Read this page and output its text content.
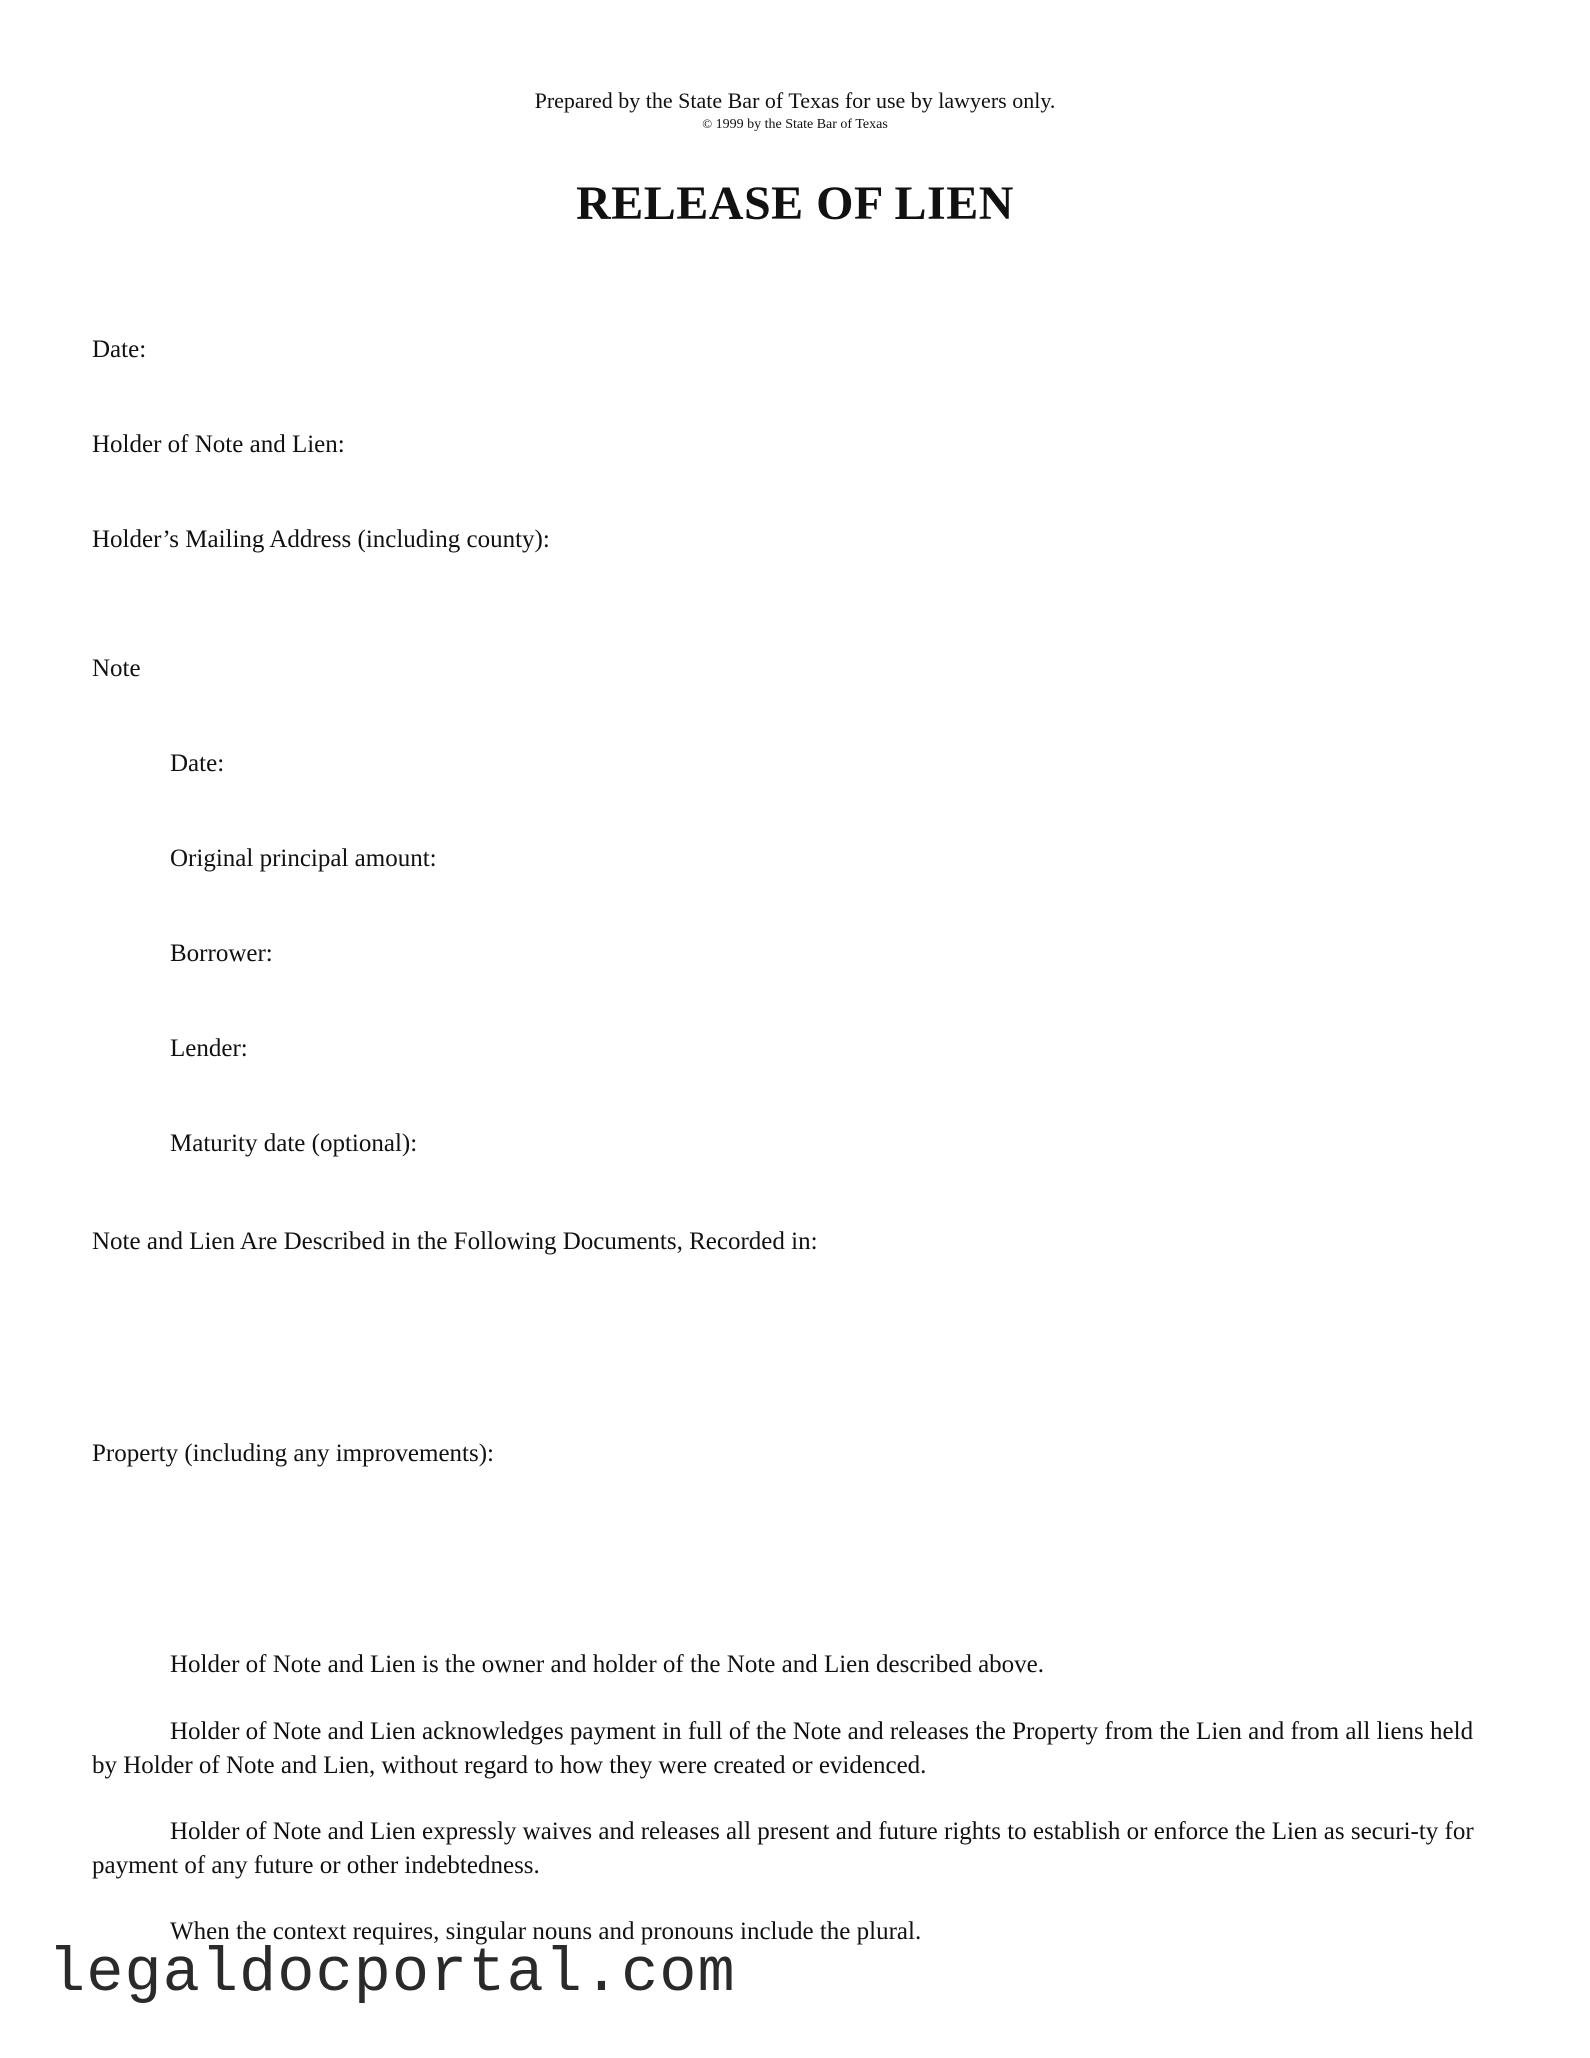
Prepared by the State Bar of Texas for use by lawyers only.
© 1999 by the State Bar of Texas
RELEASE OF LIEN
Date:
Holder of Note and Lien:
Holder’s Mailing Address (including county):
Note
Date:
Original principal amount:
Borrower:
Lender:
Maturity date (optional):
Note and Lien Are Described in the Following Documents, Recorded in:
Property (including any improvements):
Holder of Note and Lien is the owner and holder of the Note and Lien described above.
Holder of Note and Lien acknowledges payment in full of the Note and releases the Property from the Lien and from all liens held by Holder of Note and Lien, without regard to how they were created or evidenced.
Holder of Note and Lien expressly waives and releases all present and future rights to establish or enforce the Lien as securi-ty for payment of any future or other indebtedness.
When the context requires, singular nouns and pronouns include the plural.
legaldocportal.com
